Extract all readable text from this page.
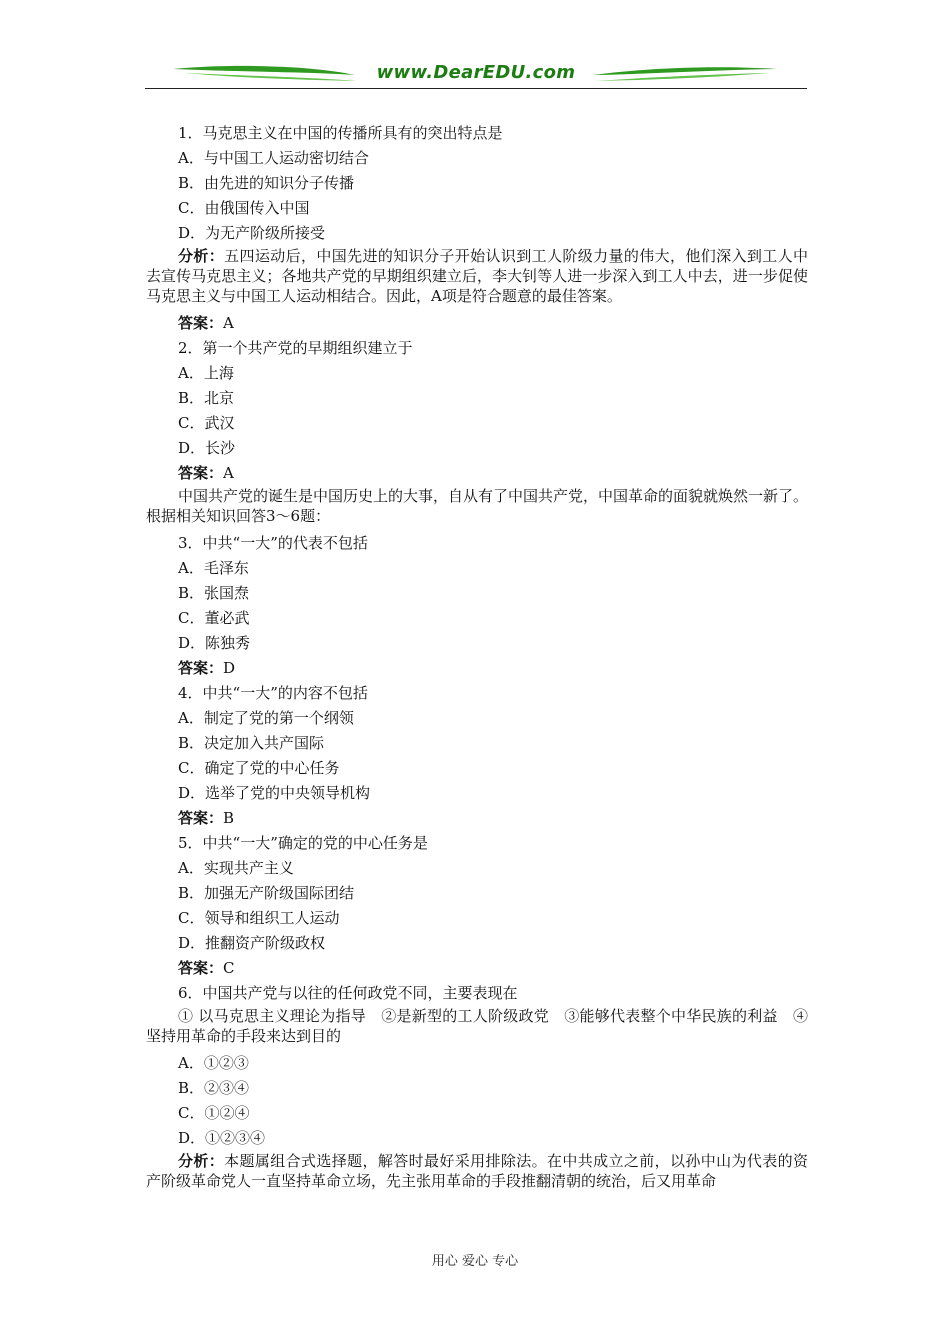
www.DearEDU.com
1．马克思主义在中国的传播所具有的突出特点是
A．与中国工人运动密切结合
B．由先进的知识分子传播
C．由俄国传入中国
D．为无产阶级所接受
分析：五四运动后，中国先进的知识分子开始认识到工人阶级力量的伟大，他们深入到工人中去宣传马克思主义；各地共产党的早期组织建立后，李大钊等人进一步深入到工人中去，进一步促使马克思主义与中国工人运动相结合。因此，A项是符合题意的最佳答案。
答案：A
2．第一个共产党的早期组织建立于
A．上海
B．北京
C．武汉
D．长沙
答案：A
中国共产党的诞生是中国历史上的大事，自从有了中国共产党，中国革命的面貌就焕然一新了。根据相关知识回答3～6题：
3．中共“一大”的代表不包括
A．毛泽东
B．张国焘
C．董必武
D．陈独秀
答案：D
4．中共“一大”的内容不包括
A．制定了党的第一个纲领
B．决定加入共产国际
C．确定了党的中心任务
D．选举了党的中央领导机构
答案：B
5．中共“一大”确定的党的中心任务是
A．实现共产主义
B．加强无产阶级国际团结
C．领导和组织工人运动
D．推翻资产阶级政权
答案：C
6．中国共产党与以往的任何政党不同，主要表现在
① 以马克思主义理论为指导　②是新型的工人阶级政党　③能够代表整个中华民族的利益　④坚持用革命的手段来达到目的
A．①②③
B．②③④
C．①②④
D．①②③④
分析：本题属组合式选择题，解答时最好采用排除法。在中共成立之前，以孙中山为代表的资产阶级革命党人一直坚持革命立场，先主张用革命的手段推翻清朝的统治，后又用革命
用心 爱心 专心
